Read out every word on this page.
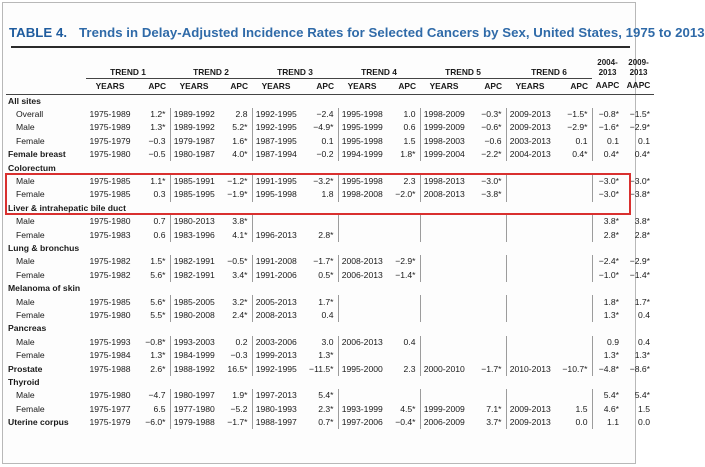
TABLE 4. Trends in Delay-Adjusted Incidence Rates for Selected Cancers by Sex, United States, 1975 to 2013
	TREND 1		TREND 2		TREND 3		TREND 4		TREND 5		TREND 6		2004-2013	2009-2013
	YEARS	APC	YEARS	APC	YEARS	APC	YEARS	APC	YEARS	APC	YEARS	APC	AAPC	AAPC
All sites														
Overall	1975-1989	1.2*	1989-1992	2.8	1992-1995	−2.4	1995-1998	1.0	1998-2009	−0.3*	2009-2013	−1.5*	−0.8*	−1.5*
Male	1975-1989	1.3*	1989-1992	5.2*	1992-1995	−4.9*	1995-1999	0.6	1999-2009	−0.6*	2009-2013	−2.9*	−1.6*	−2.9*
Female	1975-1979	−0.3	1979-1987	1.6*	1987-1995	0.1	1995-1998	1.5	1998-2003	−0.6	2003-2013	0.1	0.1	0.1
Female breast	1975-1980	−0.5	1980-1987	4.0*	1987-1994	−0.2	1994-1999	1.8*	1999-2004	−2.2*	2004-2013	0.4*	0.4*	0.4*
Colorectum														
Male	1975-1985	1.1*	1985-1991	−1.2*	1991-1995	−3.2*	1995-1998	2.3	1998-2013	−3.0*			−3.0*	−3.0*
Female	1975-1985	0.3	1985-1995	−1.9*	1995-1998	1.8	1998-2008	−2.0*	2008-2013	−3.8*			−3.0*	−3.8*
Liver & intrahepatic bile duct														
Male	1975-1980	0.7	1980-2013	3.8*									3.8*	3.8*
Female	1975-1983	0.6	1983-1996	4.1*	1996-2013	2.8*							2.8*	2.8*
Lung & bronchus														
Male	1975-1982	1.5*	1982-1991	−0.5*	1991-2008	−1.7*	2008-2013	−2.9*					−2.4*	−2.9*
Female	1975-1982	5.6*	1982-1991	3.4*	1991-2006	0.5*	2006-2013	−1.4*					−1.0*	−1.4*
Melanoma of skin														
Male	1975-1985	5.6*	1985-2005	3.2*	2005-2013	1.7*							1.8*	1.7*
Female	1975-1980	5.5*	1980-2008	2.4*	2008-2013	0.4							1.3*	0.4
Pancreas														
Male	1975-1993	−0.8*	1993-2003	0.2	2003-2006	3.0	2006-2013	0.4					0.9	0.4
Female	1975-1984	1.3*	1984-1999	−0.3	1999-2013	1.3*							1.3*	1.3*
Prostate	1975-1988	2.6*	1988-1992	16.5*	1992-1995	−11.5*	1995-2000	2.3	2000-2010	−1.7*	2010-2013	−10.7*	−4.8*	−8.6*
Thyroid														
Male	1975-1980	−4.7	1980-1997	1.9*	1997-2013	5.4*							5.4*	5.4*
Female	1975-1977	6.5	1977-1980	−5.2	1980-1993	2.3*	1993-1999	4.5*	1999-2009	7.1*	2009-2013	1.5	4.6*	1.5
Uterine corpus	1975-1979	−6.0*	1979-1988	−1.7*	1988-1997	0.7*	1997-2006	−0.4*	2006-2009	3.7*	2009-2013	0.0	1.1	0.0
